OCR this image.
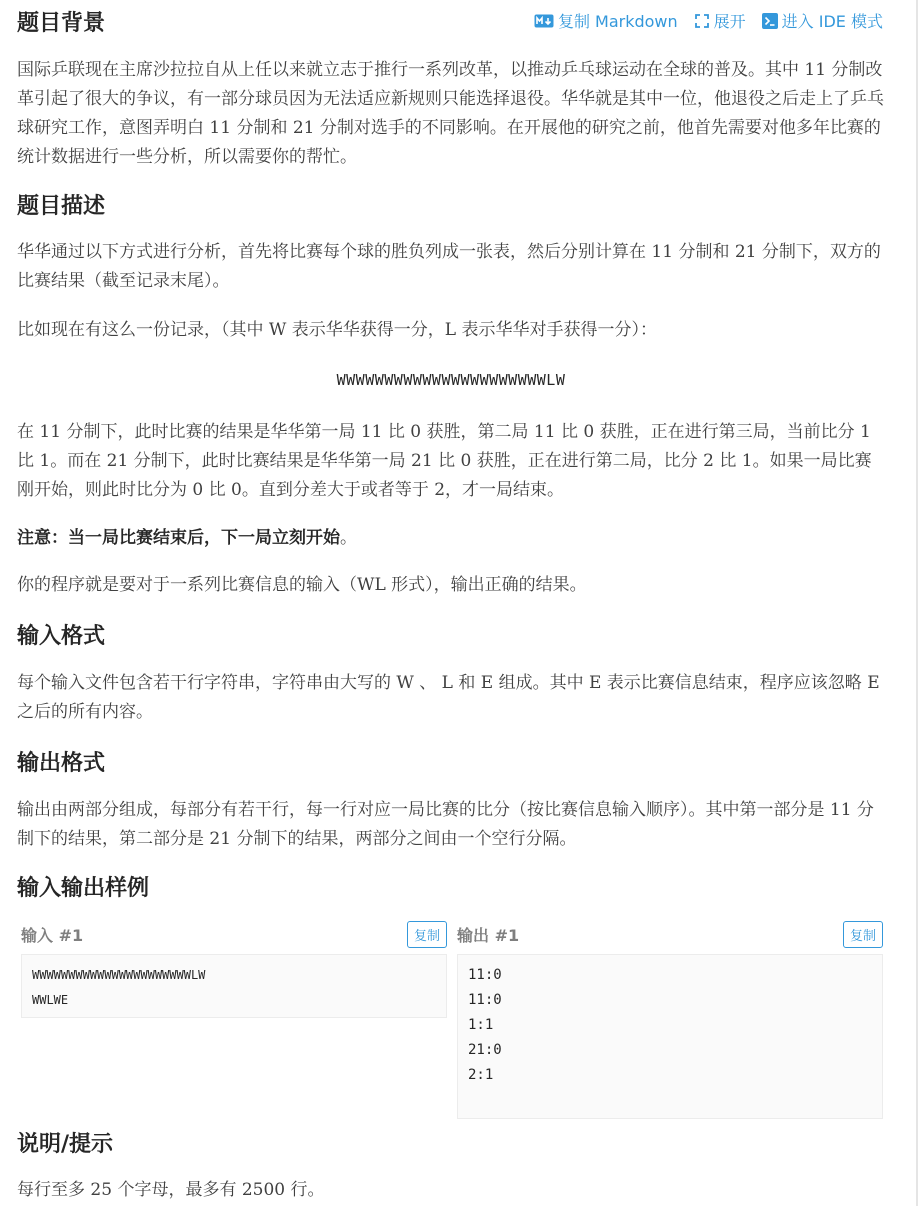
题目背景	复制 Markdown 展开 进入 IDE 模式

国际乒联现在主席沙拉拉自从上任以来就立志于推行一系列改革，以推动乒乓球运动在全球的普及。其中 11 分制改革引起了很大的争议，有一部分球员因为无法适应新规则只能选择退役。华华就是其中一位，他退役之后走上了乒乓球研究工作，意图弄明白 11 分制和 21 分制对选手的不同影响。在开展他的研究之前，他首先需要对他多年比赛的统计数据进行一些分析，所以需要你的帮忙。

题目描述

华华通过以下方式进行分析，首先将比赛每个球的胜负列成一张表，然后分别计算在 11 分制和 21 分制下，双方的比赛结果（截至记录末尾）。

比如现在有这么一份记录，（其中 W 表示华华获得一分，L 表示华华对手获得一分）：

WWWWWWWWWWWWWWWWWWWWWWLW

在 11 分制下，此时比赛的结果是华华第一局 11 比 0 获胜，第二局 11 比 0 获胜，正在进行第三局，当前比分 1 比 1。而在 21 分制下，此时比赛结果是华华第一局 21 比 0 获胜，正在进行第二局，比分 2 比 1。如果一局比赛刚开始，则此时比分为 0 比 0。直到分差大于或者等于 2，才一局结束。

注意：当一局比赛结束后，下一局立刻开始。

你的程序就是要对于一系列比赛信息的输入（WL 形式），输出正确的结果。

输入格式

每个输入文件包含若干行字符串，字符串由大写的 W 、 L 和 E 组成。其中 E 表示比赛信息结束，程序应该忽略 E 之后的所有内容。

输出格式

输出由两部分组成，每部分有若干行，每一行对应一局比赛的比分（按比赛信息输入顺序）。其中第一部分是 11 分制下的结果，第二部分是 21 分制下的结果，两部分之间由一个空行分隔。

输入输出样例
输入 #1	复制
WWWWWWWWWWWWWWWWWWWWWWLW
WWLWE
输出 #1	复制
11:0
11:0
1:1
21:0
2:1
说明/提示

每行至多 25 个字母，最多有 2500 行。
